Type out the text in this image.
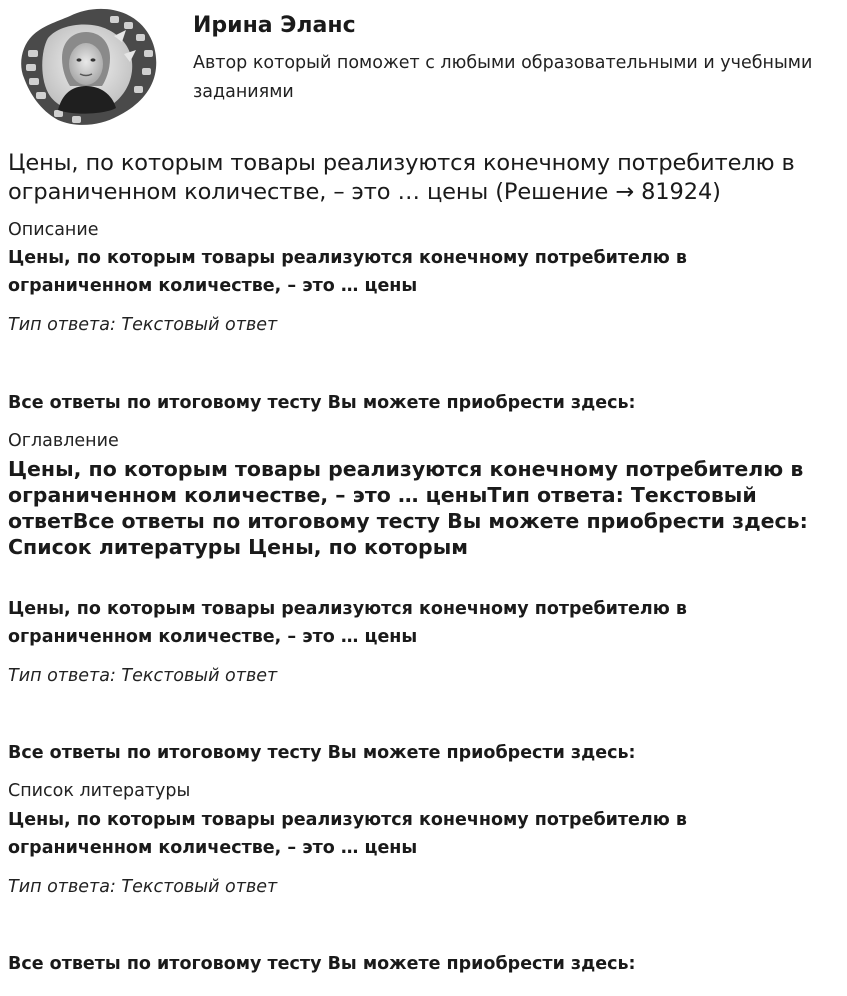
Ирина Эланс
Автор который поможет с любыми образовательными и учебными заданиями
Цены, по которым товары реализуются конечному потребителю в ограниченном количестве, – это … цены (Решение → 81924)
Описание
Цены, по которым товары реализуются конечному потребителю в ограниченном количестве, – это … цены
Тип ответа: Текстовый ответ
Все ответы по итоговому тесту Вы можете приобрести здесь:
Оглавление
Цены, по которым товары реализуются конечному потребителю в ограниченном количестве, – это … ценыТип ответа: Текстовый ответВсе ответы по итоговому тесту Вы можете приобрести здесь: Список литературы Цены, по которым
Цены, по которым товары реализуются конечному потребителю в ограниченном количестве, – это … цены
Тип ответа: Текстовый ответ
Все ответы по итоговому тесту Вы можете приобрести здесь:
Список литературы
Цены, по которым товары реализуются конечному потребителю в ограниченном количестве, – это … цены
Тип ответа: Текстовый ответ
Все ответы по итоговому тесту Вы можете приобрести здесь:
